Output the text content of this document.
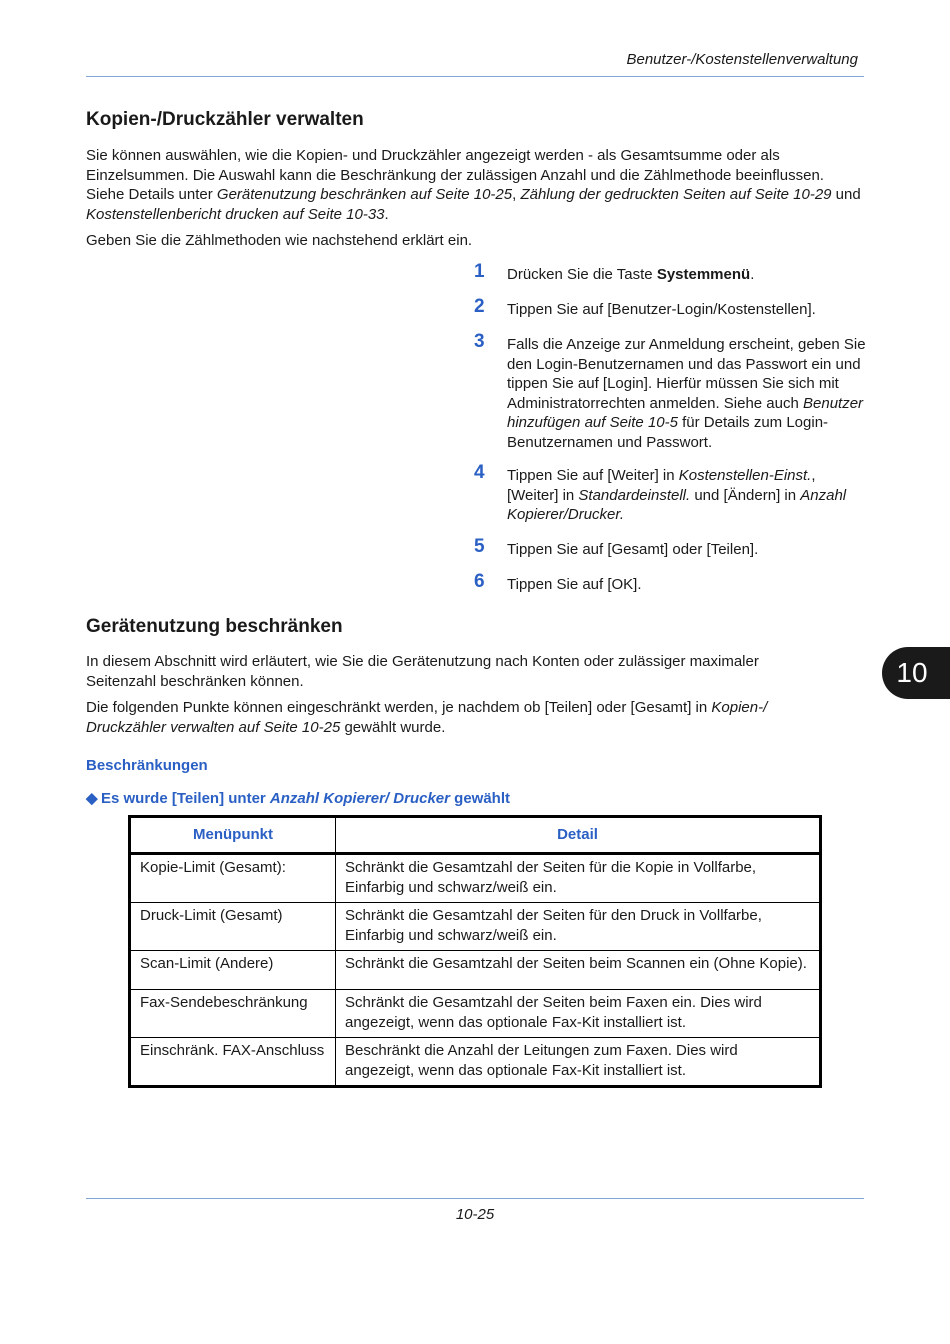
Benutzer-/Kostenstellenverwaltung
Kopien-/Druckzähler verwalten

Sie können auswählen, wie die Kopien- und Druckzähler angezeigt werden - als Gesamtsumme oder als Einzelsummen. Die Auswahl kann die Beschränkung der zulässigen Anzahl und die Zählmethode beeinflussen. Siehe Details unter Gerätenutzung beschränken auf Seite 10-25, Zählung der gedruckten Seiten auf Seite 10-29 und Kostenstellenbericht drucken auf Seite 10-33.

Geben Sie die Zählmethoden wie nachstehend erklärt ein.

1 Drücken Sie die Taste Systemmenü.
2 Tippen Sie auf [Benutzer-Login/Kostenstellen].
3 Falls die Anzeige zur Anmeldung erscheint, geben Sie den Login-Benutzernamen und das Passwort ein und tippen Sie auf [Login]. Hierfür müssen Sie sich mit Administratorrechten anmelden. Siehe auch Benutzer hinzufügen auf Seite 10-5 für Details zum Login-Benutzernamen und Passwort.
4 Tippen Sie auf [Weiter] in Kostenstellen-Einst., [Weiter] in Standardeinstell. und [Ändern] in Anzahl Kopierer/Drucker.
5 Tippen Sie auf [Gesamt] oder [Teilen].
6 Tippen Sie auf [OK].
Gerätenutzung beschränken

In diesem Abschnitt wird erläutert, wie Sie die Gerätenutzung nach Konten oder zulässiger maximaler Seitenzahl beschränken können.

Die folgenden Punkte können eingeschränkt werden, je nachdem ob [Teilen] oder [Gesamt] in Kopien-/ Druckzähler verwalten auf Seite 10-25 gewählt wurde.

10
Beschränkungen
◆ Es wurde [Teilen] unter Anzahl Kopierer/ Drucker gewählt
Menüpunkt	Detail
Kopie-Limit (Gesamt):	Schränkt die Gesamtzahl der Seiten für die Kopie in Vollfarbe, Einfarbig und schwarz/weiß ein.
Druck-Limit (Gesamt)	Schränkt die Gesamtzahl der Seiten für den Druck in Vollfarbe, Einfarbig und schwarz/weiß ein.
Scan-Limit (Andere)	Schränkt die Gesamtzahl der Seiten beim Scannen ein (Ohne Kopie).
Fax-Sendebeschränkung	Schränkt die Gesamtzahl der Seiten beim Faxen ein. Dies wird angezeigt, wenn das optionale Fax-Kit installiert ist.
Einschränk. FAX-Anschluss	Beschränkt die Anzahl der Leitungen zum Faxen. Dies wird angezeigt, wenn das optionale Fax-Kit installiert ist.
10-25
